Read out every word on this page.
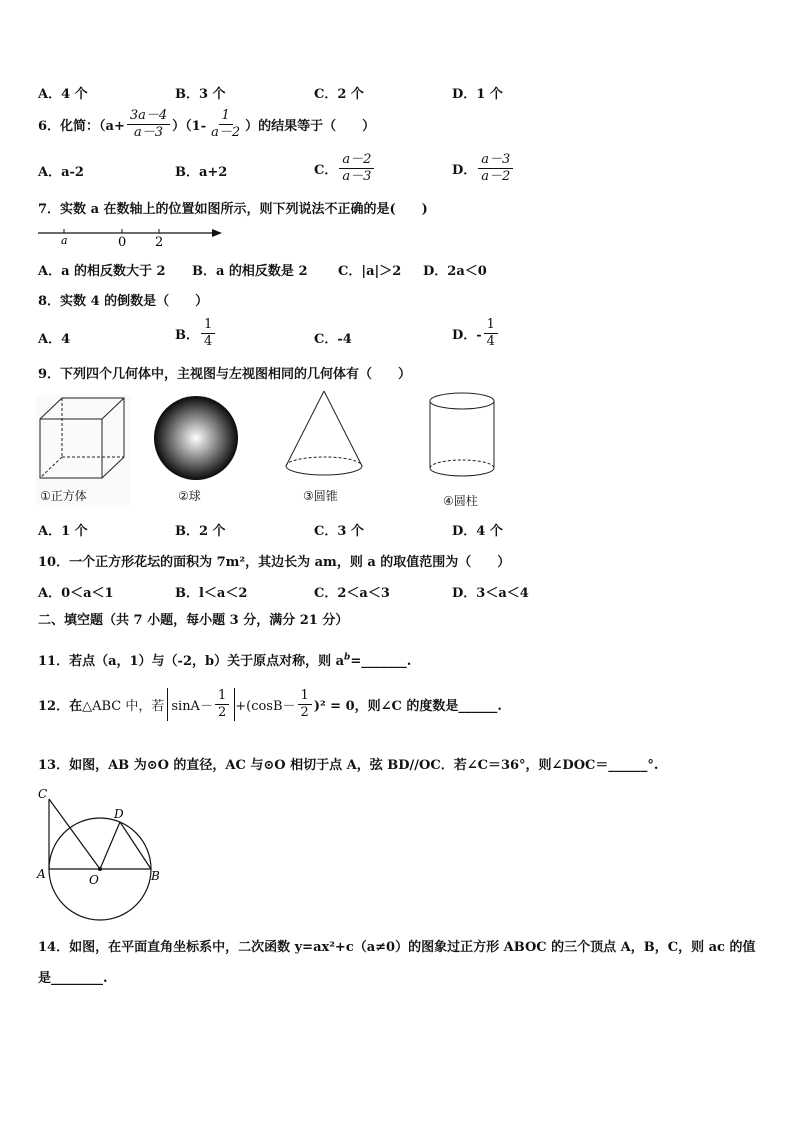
A．4 个	B．3 个	C．2 个	D．1 个
6．化简：$(a+ \frac{3a-4}{a-3} )(1- \frac{1}{a-2}$ ）的结果等于（　　）
A．a-2	B．a+2	C． $\frac{a-2}{a-3}$	D． $\frac{a-3}{a-2}$
7．实数 a 在数轴上的位置如图所示，则下列说法不正确的是(　　)
a	0 2
A．a 的相反数大于 2 B．a 的相反数是 2 C．|a|＞2 D．2a＜0
8．实数 4 的倒数是（　　）
A．4	B． $\frac{1}{4}$	C．-4	D．- $\frac{1}{4}$
9．下列四个几何体中，主视图与左视图相同的几何体有（　　）
①正方体	②球	③圆锥	④圆柱
A．1 个	B．2 个	C．3 个	D．4 个
10．一个正方形花坛的面积为 7m²，其边长为 am，则 a 的取值范围为（　　）
A．0＜a＜1	B．l＜a＜2	C．2＜a＜3	D．3＜a＜4
二、填空题（共 7 小题，每小题 3 分，满分 21 分）
11．若点（a，1）与（-2，b）关于原点对称，则 $a^b=\_\_\_\_\_\_\_$.
12．在 △ABC 中，若 $\sin A- \frac{1}{2} +(\cos B- \frac{1}{2} )^2 = 0$，则∠C 的度数是______.
13．如图，AB 为⊙O 的直径，AC 与⊙O 相切于点 A，弦 BD//OC．若∠C＝36°，则∠DOC＝______°.
C
D
A	O	B
14．如图，在平面直角坐标系中，二次函数 y=ax²+c（a≠0）的图象过正方形 ABOC 的三个顶点 A，B，C，则 ac 的值
是________.
